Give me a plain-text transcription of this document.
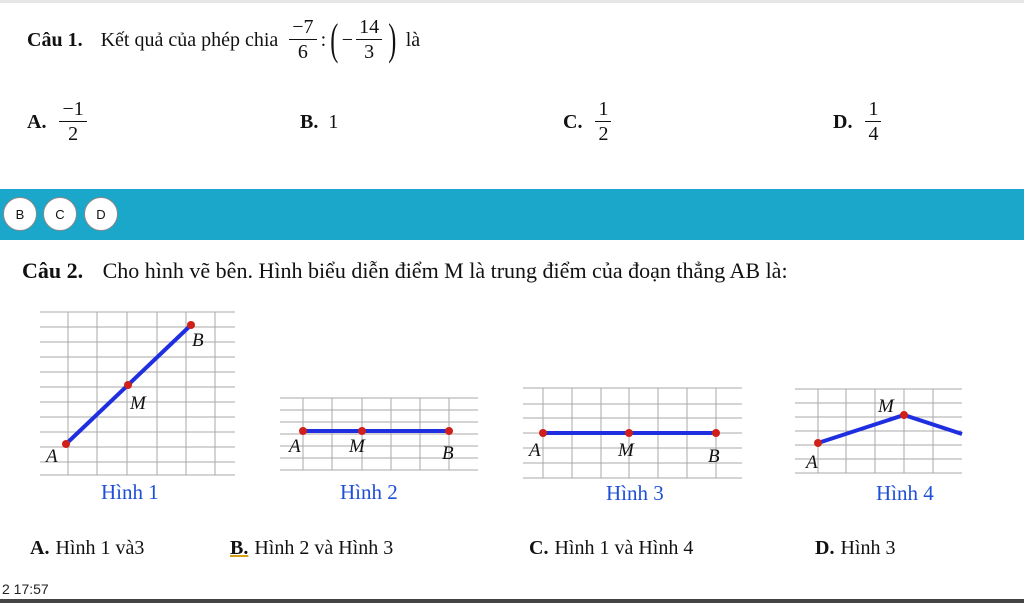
Câu 1. Kết quả của phép chia $\frac{-7}{6}$ : ( − $\frac{14}{3}$ ) là
A. $\frac{-1}{2}$	B. 1	C. $\frac{1}{2}$	D. $\frac{1}{4}$
B	C	D
Câu 2. Cho hình vẽ bên. Hình biểu diễn điểm M là trung điểm của đoạn thẳng AB là:
A
M
B
Hình 1
A	M	B
Hình 2
A	M	B
Hình 3
A
M
Hình 4
A. Hình 1 và3	B. Hình 2 và Hình 3	C. Hình 1 và Hình 4	D. Hình 3
2 17:57
